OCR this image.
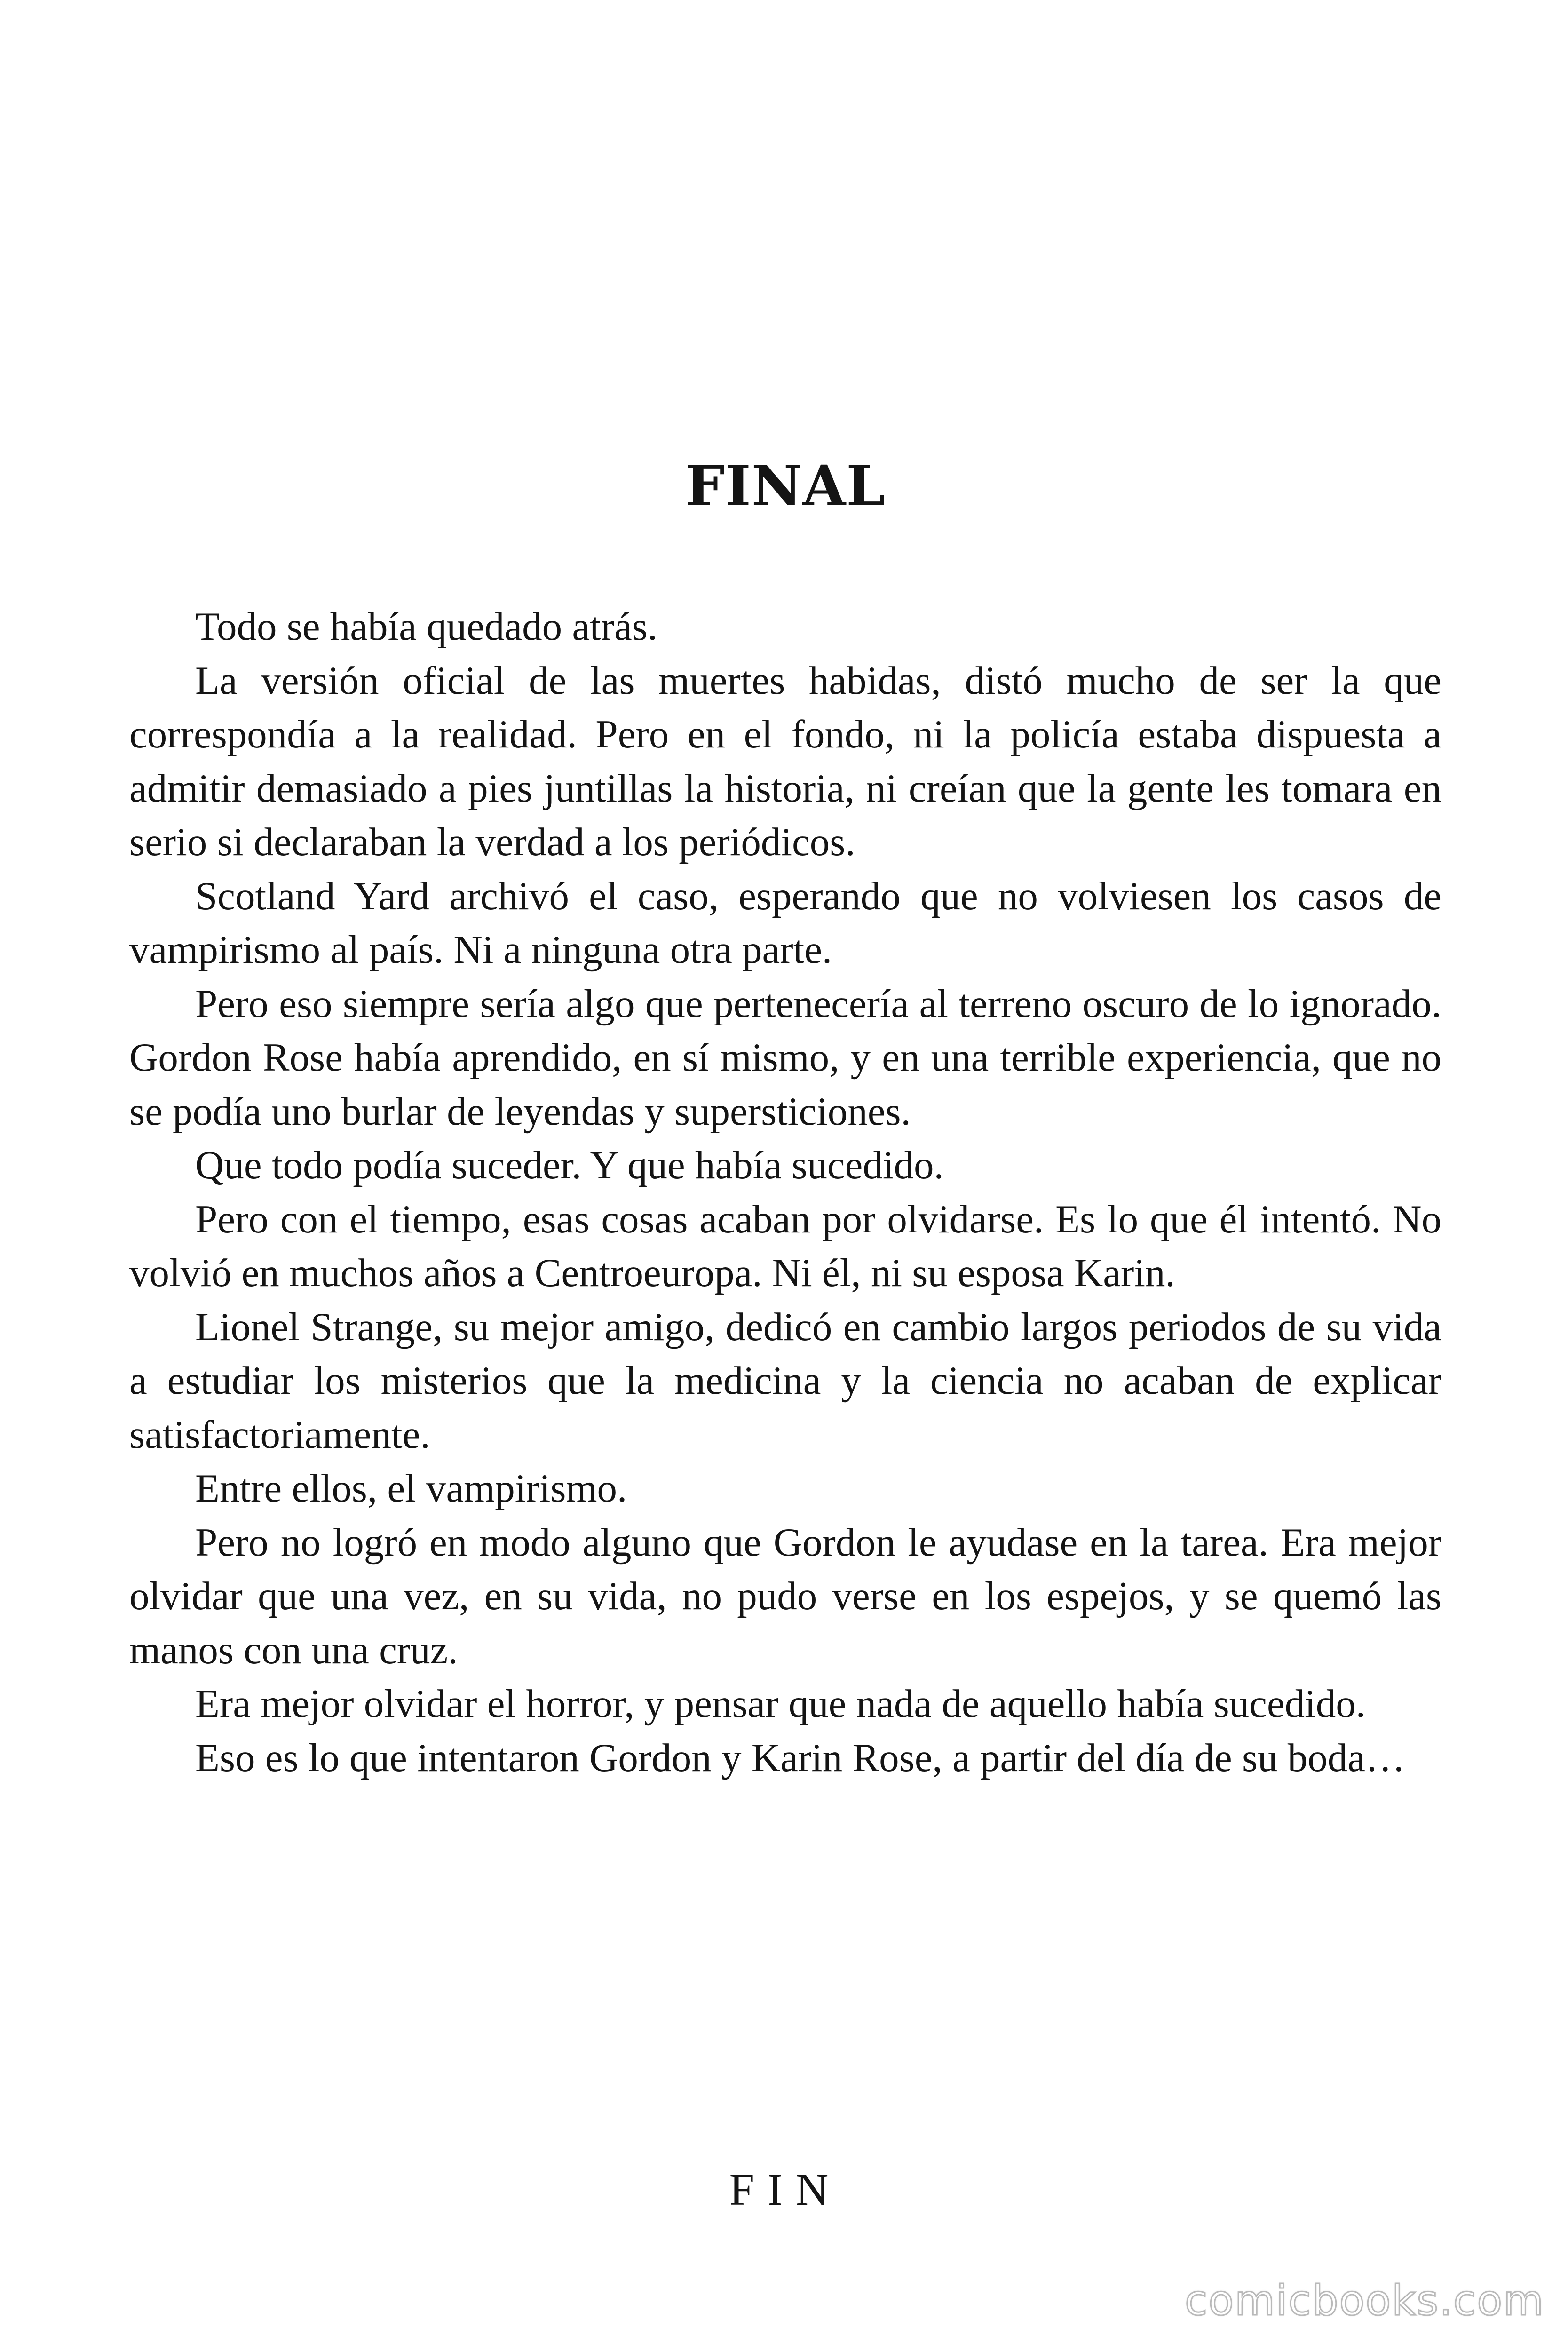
FINAL

Todo se había quedado atrás.

La versión oficial de las muertes habidas, distó mucho de ser la que correspondía a la realidad. Pero en el fondo, ni la policía estaba dispuesta a admitir demasiado a pies juntillas la historia, ni creían que la gente les tomara en serio si declaraban la verdad a los periódicos.

Scotland Yard archivó el caso, esperando que no volviesen los casos de vampirismo al país. Ni a ninguna otra parte.

Pero eso siempre sería algo que pertenecería al terreno oscuro de lo ignorado. Gordon Rose había aprendido, en sí mismo, y en una terrible experiencia, que no se podía uno burlar de leyendas y supersticiones.

Que todo podía suceder. Y que había sucedido.

Pero con el tiempo, esas cosas acaban por olvidarse. Es lo que él intentó. No volvió en muchos años a Centroeuropa. Ni él, ni su esposa Karin.

Lionel Strange, su mejor amigo, dedicó en cambio largos periodos de su vida a estudiar los misterios que la medicina y la ciencia no acaban de explicar satisfactoriamente.

Entre ellos, el vampirismo.

Pero no logró en modo alguno que Gordon le ayudase en la tarea. Era mejor olvidar que una vez, en su vida, no pudo verse en los espejos, y se quemó las manos con una cruz.

Era mejor olvidar el horror, y pensar que nada de aquello había sucedido.

Eso es lo que intentaron Gordon y Karin Rose, a partir del día de su boda…

FIN
comicbooks.com
